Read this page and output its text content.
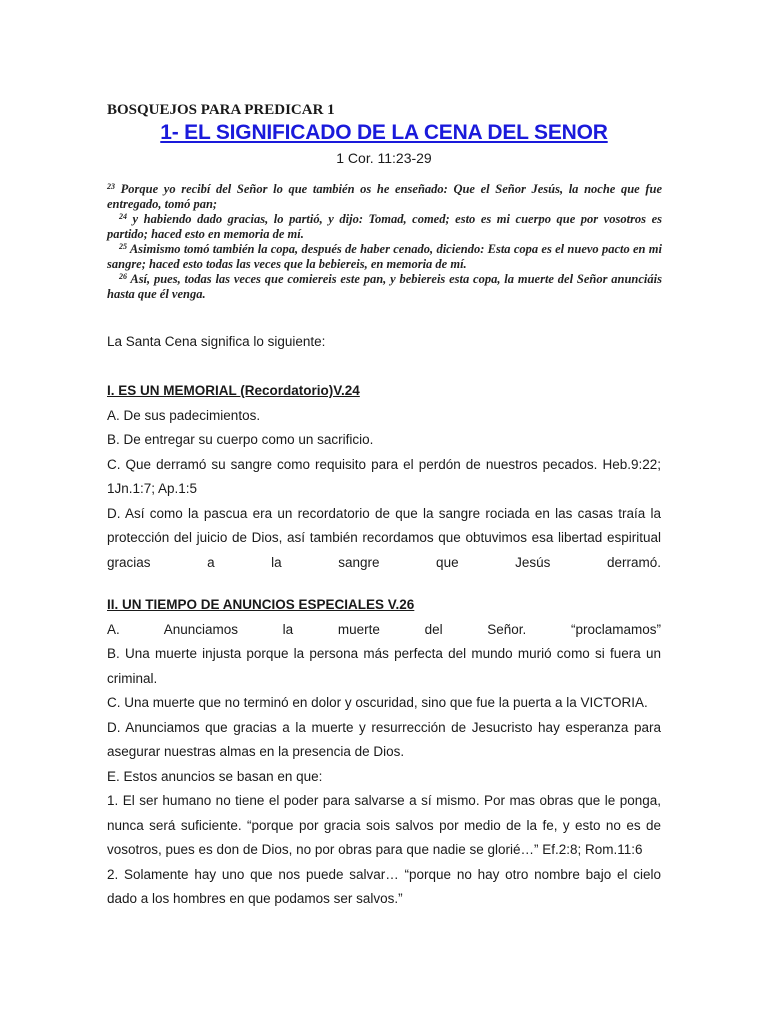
BOSQUEJOS PARA PREDICAR 1
1- EL SIGNIFICADO DE LA CENA DEL SENOR
1 Cor. 11:23-29

$^{23}$ Porque yo recibí del Señor lo que también os he enseñado: Que el Señor Jesús, la noche que fue entregado, tomó pan;

$^{24}$ y habiendo dado gracias, lo partió, y dijo: Tomad, comed; esto es mi cuerpo que por vosotros es partido; haced esto en memoria de mí.

$^{25}$ Asimismo tomó también la copa, después de haber cenado, diciendo: Esta copa es el nuevo pacto en mi sangre; haced esto todas las veces que la bebiereis, en memoria de mí.

$^{26}$ Así, pues, todas las veces que comiereis este pan, y bebiereis esta copa, la muerte del Señor anunciáis hasta que él venga.

La Santa Cena significa lo siguiente:

I. ES UN MEMORIAL (Recordatorio)V.24

A. De sus padecimientos.

B. De entregar su cuerpo como un sacrificio.

C. Que derramó su sangre como requisito para el perdón de nuestros pecados. Heb.9:22; 1Jn.1:7; Ap.1:5

D. Así como la pascua era un recordatorio de que la sangre rociada en las casas traía la protección del juicio de Dios, así también recordamos que obtuvimos esa libertad espiritual gracias a la sangre que Jesús derramó.

II. UN TIEMPO DE ANUNCIOS ESPECIALES V.26

A. Anunciamos la muerte del Señor. “proclamamos”

B. Una muerte injusta porque la persona más perfecta del mundo murió como si fuera un criminal.

C. Una muerte que no terminó en dolor y oscuridad, sino que fue la puerta a la VICTORIA.

D. Anunciamos que gracias a la muerte y resurrección de Jesucristo hay esperanza para asegurar nuestras almas en la presencia de Dios.

E. Estos anuncios se basan en que:

1. El ser humano no tiene el poder para salvarse a sí mismo. Por mas obras que le ponga, nunca será suficiente. “porque por gracia sois salvos por medio de la fe, y esto no es de vosotros, pues es don de Dios, no por obras para que nadie se glorié…” Ef.2:8; Rom.11:6

2. Solamente hay uno que nos puede salvar… “porque no hay otro nombre bajo el cielo dado a los hombres en que podamos ser salvos.”
